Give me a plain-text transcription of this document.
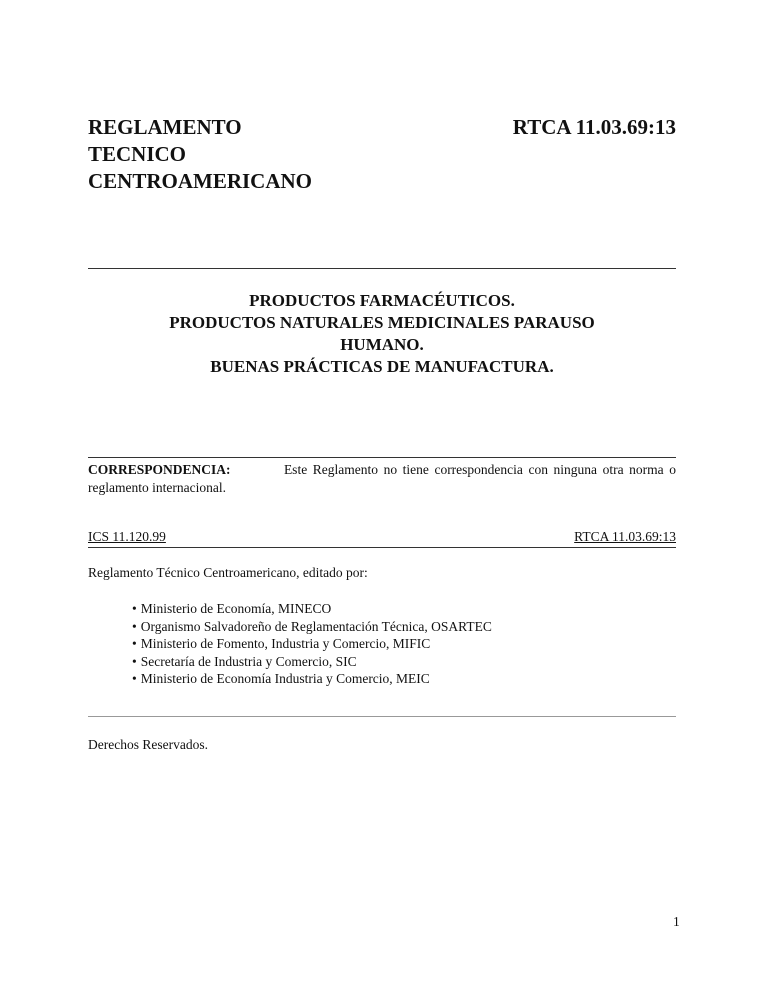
REGLAMENTO
TECNICO
CENTROAMERICANO
RTCA 11.03.69:13
PRODUCTOS FARMACÉUTICOS.
PRODUCTOS NATURALES MEDICINALES PARAUSO
HUMANO.
BUENAS PRÁCTICAS DE MANUFACTURA.
CORRESPONDENCIA:	Este Reglamento no tiene correspondencia con ninguna otra norma o
reglamento internacional.
ICS 11.120.99	RTCA 11.03.69:13
Reglamento Técnico Centroamericano, editado por:
• Ministerio de Economía, MINECO
• Organismo Salvadoreño de Reglamentación Técnica, OSARTEC
• Ministerio de Fomento, Industria y Comercio, MIFIC
• Secretaría de Industria y Comercio, SIC
• Ministerio de Economía Industria y Comercio, MEIC
Derechos Reservados.
1
